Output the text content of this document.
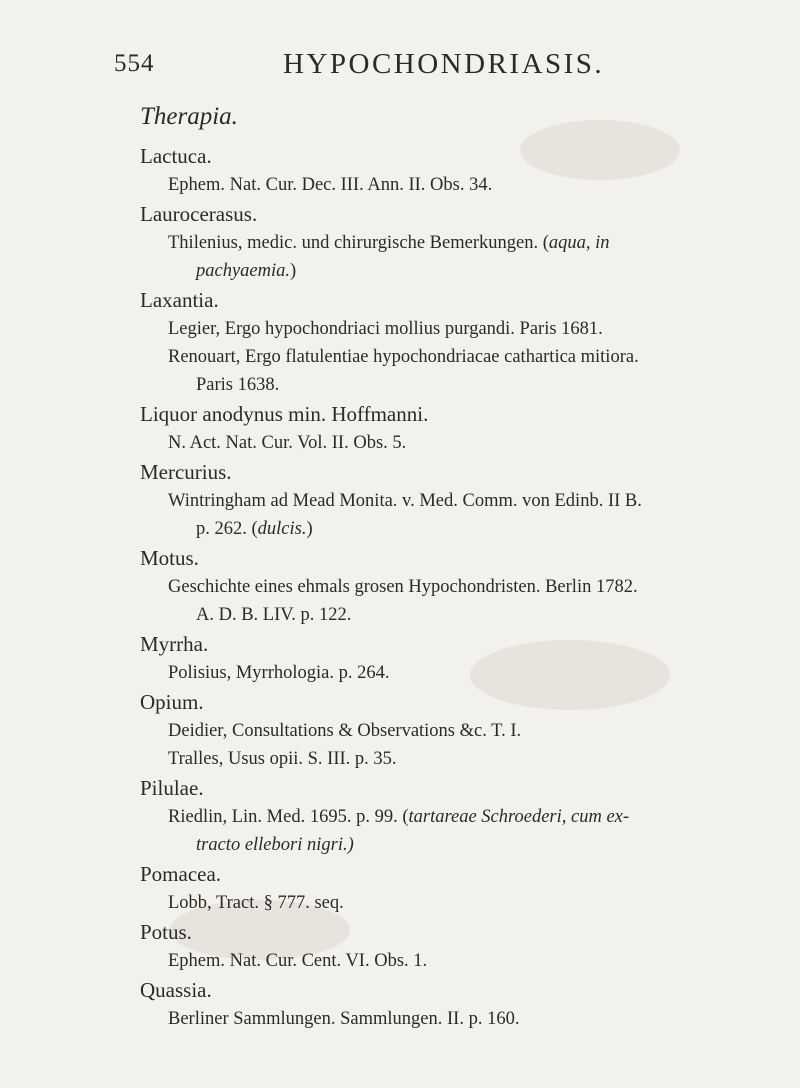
554	HYPOCHONDRIASIS.
Therapia.
Lactuca.
Ephem. Nat. Cur. Dec. III. Ann. II. Obs. 34.
Laurocerasus.
Thilenius, medic. und chirurgische Bemerkungen. (aqua, in
pachyaemia.)
Laxantia.
Legier, Ergo hypochondriaci mollius purgandi. Paris 1681.
Renouart, Ergo flatulentiae hypochondriacae cathartica mitiora.
Paris 1638.
Liquor anodynus min. Hoffmanni.
N. Act. Nat. Cur. Vol. II. Obs. 5.
Mercurius.
Wintringham ad Mead Monita. v. Med. Comm. von Edinb. II B.
p. 262. (dulcis.)
Motus.
Geschichte eines ehmals grosen Hypochondristen. Berlin 1782.
A. D. B. LIV. p. 122.
Myrrha.
Polisius, Myrrhologia. p. 264.
Opium.
Deidier, Consultations & Observations &c. T. I.
Tralles, Usus opii. S. III. p. 35.
Pilulae.
Riedlin, Lin. Med. 1695. p. 99. (tartareae Schroederi, cum ex-
tracto ellebori nigri.)
Pomacea.
Lobb, Tract. § 777. seq.
Potus.
Ephem. Nat. Cur. Cent. VI. Obs. 1.
Quassia.
Berliner Sammlungen. Sammlungen. II. p. 160.
